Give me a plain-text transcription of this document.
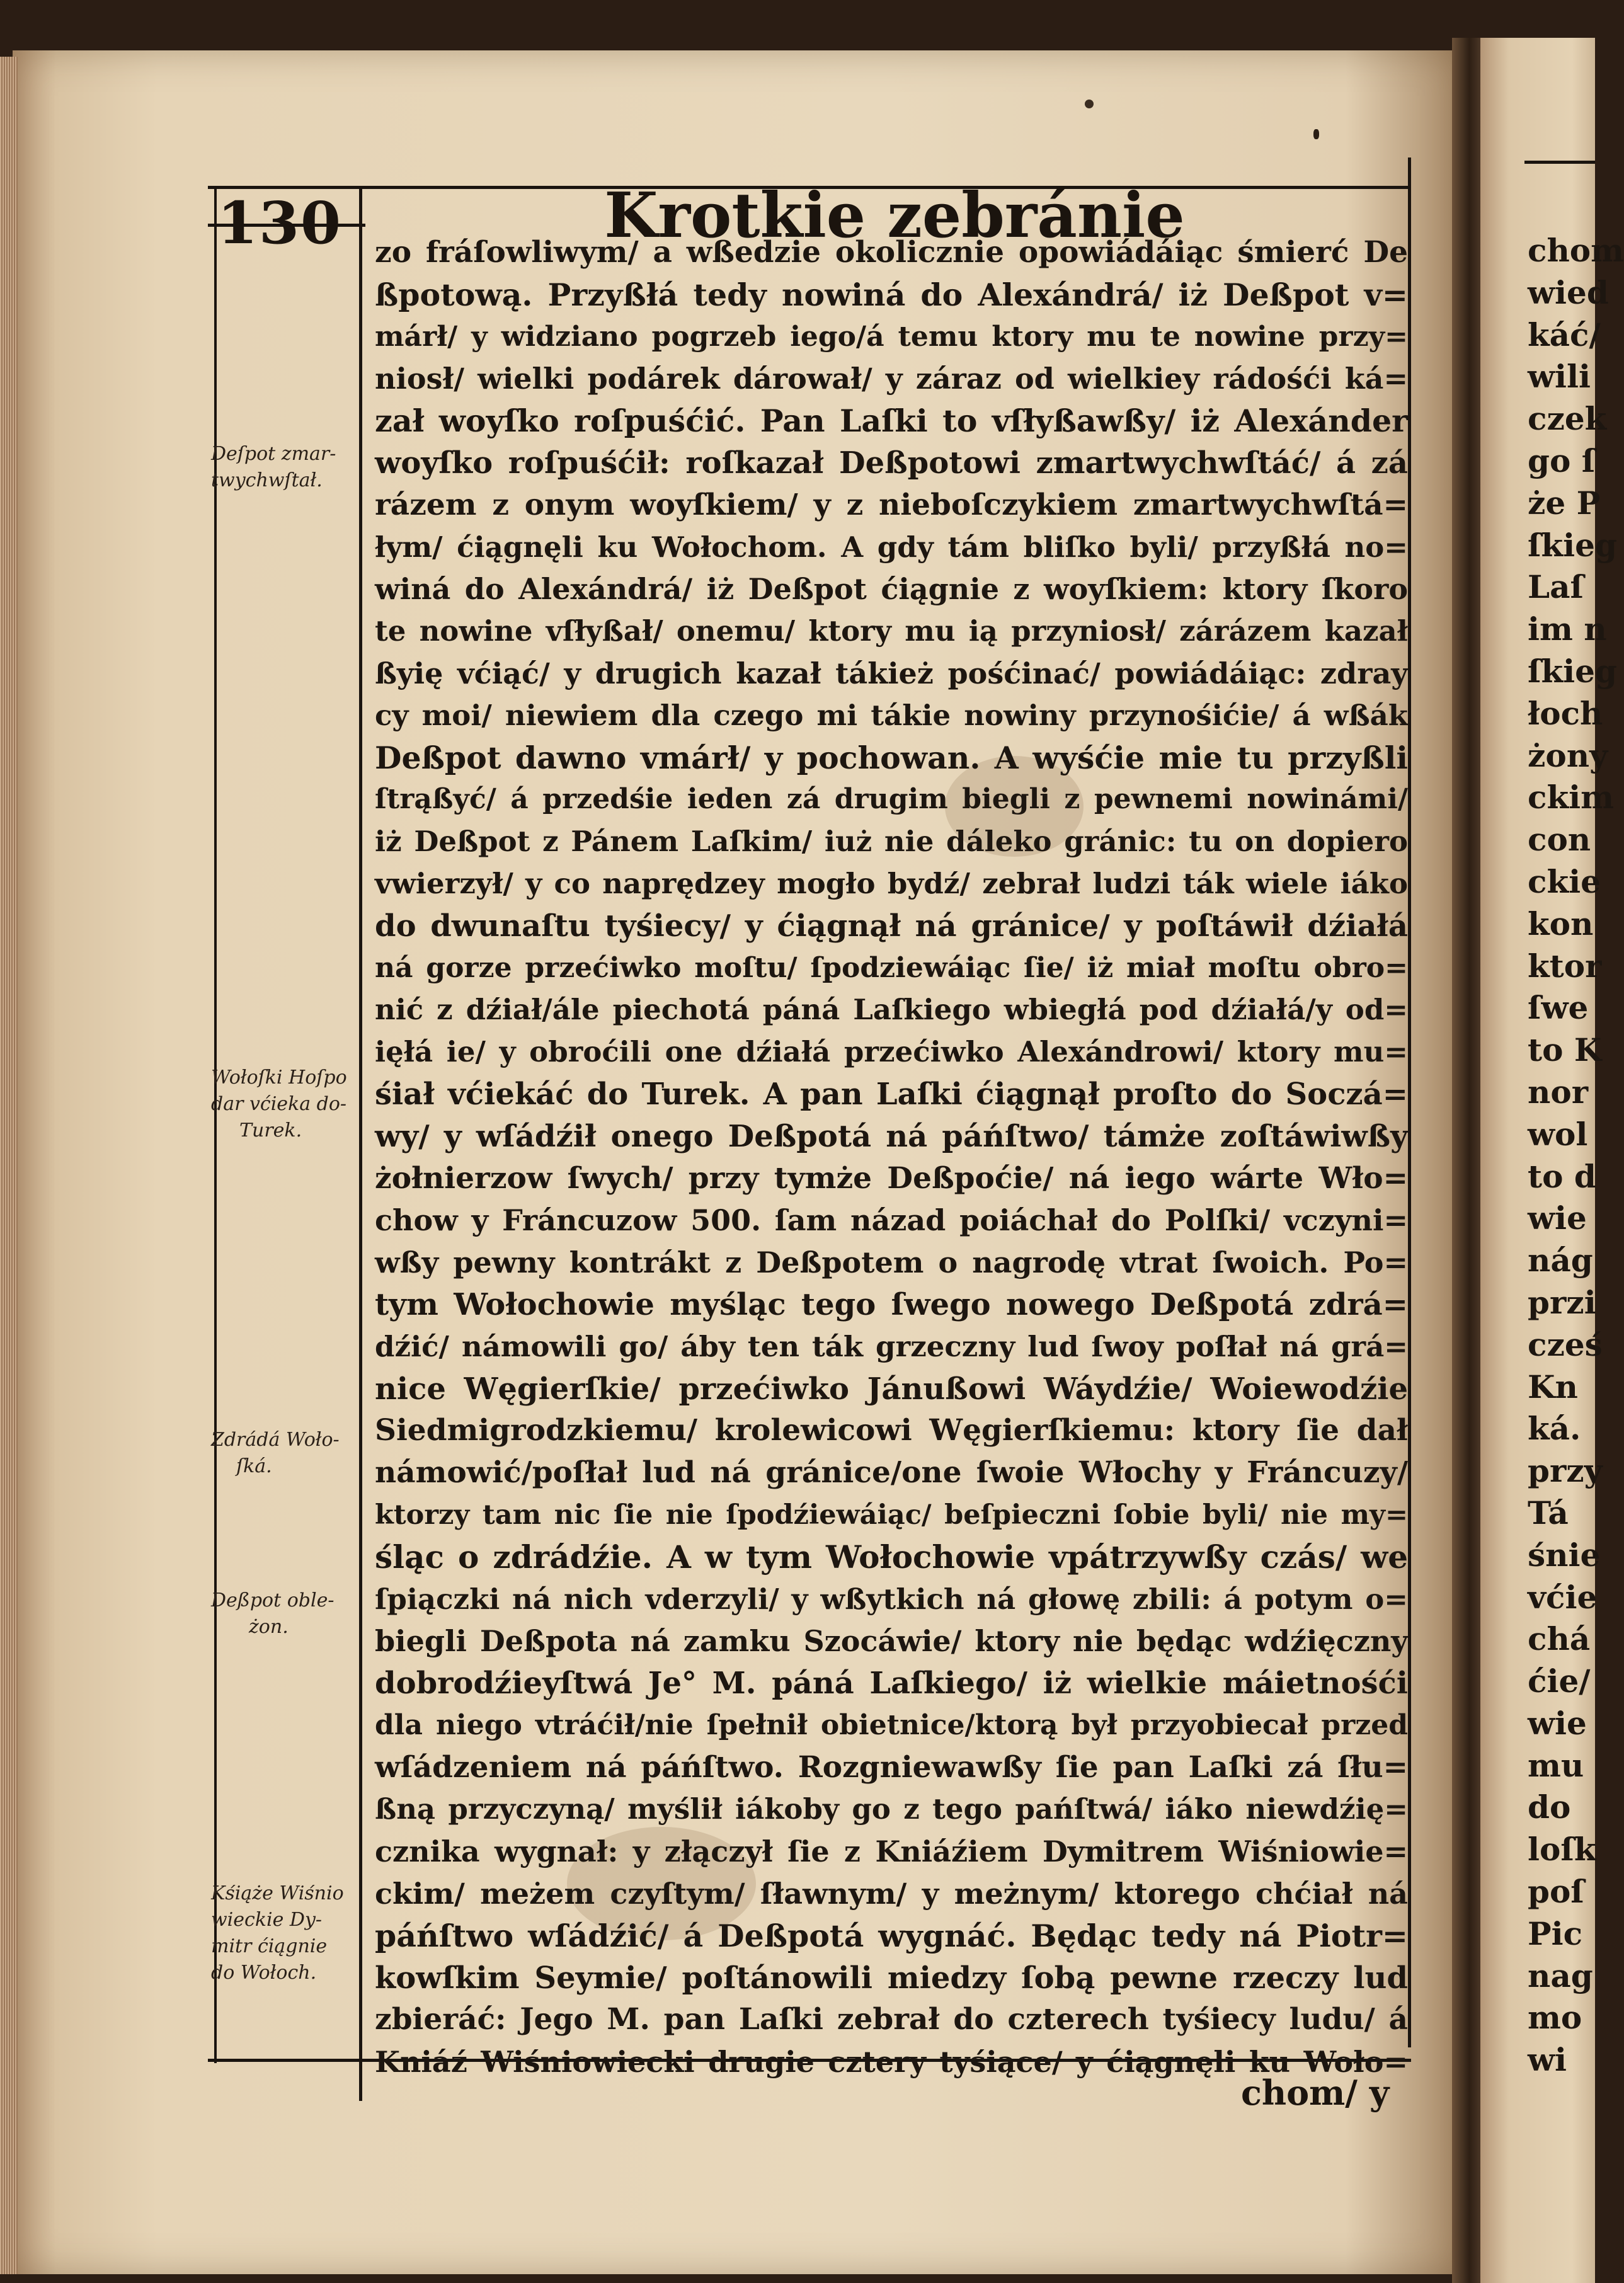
130	Krotkie zebránie
zo fráſowliwym/ a wßedzie okolicznie opowiádáiąc śmierć De
ßpotową. Przyßłá tedy nowiná do Alexándrá/ iż Deßpot v=
márł/ y widziano pogrzeb iego/á temu ktory mu te nowine przy=
niosł/ wielki podárek dárował/ y záraz od wielkiey rádośći ká=
zał woyſko roſpuśćić. Pan Laſki to vſłyßawßy/ iż Alexánder
woyſko roſpuśćił: roſkazał Deßpotowi zmartwychwſtáć/ á zá
rázem z onym woyſkiem/ y z nieboſczykiem zmartwychwſtá=
łym/ ćiągnęli ku Wołochom. A gdy tám bliſko byli/ przyßłá no=
winá do Alexándrá/ iż Deßpot ćiągnie z woyſkiem: ktory ſkoro
te nowine vſłyßał/ onemu/ ktory mu ią przyniosł/ zárázem kazał
ßyię vćiąć/ y drugich kazał tákież pośćinać/ powiádáiąc: zdray
cy moi/ niewiem dla czego mi tákie nowiny przynośićie/ á wßák
Deßpot dawno vmárł/ y pochowan. A wyśćie mie tu przyßli
ſtrąßyć/ á przedśie ieden zá drugim biegli z pewnemi nowinámi/
iż Deßpot z Pánem Laſkim/ iuż nie dáleko gránic: tu on dopiero
vwierzył/ y co naprędzey mogło bydź/ zebrał ludzi ták wiele iáko
do dwunaſtu tyśiecy/ y ćiągnął ná gránice/ y poſtáwił dźiałá
ná gorze przećiwko moſtu/ ſpodziewáiąc ſie/ iż miał moſtu obro=
nić z dźiał/ále piechotá páná Laſkiego wbiegłá pod dźiałá/y od=
ięłá ie/ y obroćili one dźiałá przećiwko Alexándrowi/ ktory mu=
śiał vćiekáć do Turek. A pan Laſki ćiągnął proſto do Soczá=
wy/ y wſádźił onego Deßpotá ná páńſtwo/ támże zoſtáwiwßy
żołnierzow ſwych/ przy tymże Deßpoćie/ ná iego wárte Wło=
chow y Fráncuzow 500. ſam názad poiáchał do Polſki/ vczyni=
wßy pewny kontrákt z Deßpotem o nagrodę vtrat ſwoich. Po=
tym Wołochowie myśląc tego ſwego nowego Deßpotá zdrá=
dźić/ námowili go/ áby ten ták grzeczny lud ſwoy poſłał ná grá=
nice Węgierſkie/ przećiwko Jánußowi Wáydźie/ Woiewodźie
Siedmigrodzkiemu/ krolewicowi Węgierſkiemu: ktory ſie dał
námowić/poſłał lud ná gránice/one ſwoie Włochy y Fráncuzy/
ktorzy tam nic ſie nie ſpodźiewáiąc/ beſpieczni ſobie byli/ nie my=
śląc o zdrádźie. A w tym Wołochowie vpátrzywßy czás/ we
ſpiączki ná nich vderzyli/ y wßytkich ná głowę zbili: á potym o=
biegli Deßpota ná zamku Szocáwie/ ktory nie będąc wdźięczny
dobrodźieyſtwá Je° M. páná Laſkiego/ iż wielkie máietnośći
dla niego vtráćił/nie ſpełnił obietnice/ktorą był przyobiecał przed
wſádzeniem ná páńſtwo. Rozgniewawßy ſie pan Laſki zá ſłu=
ßną przyczyną/ myślił iákoby go z tego pańſtwá/ iáko niewdźię=
cznika wygnał: y złączył ſie z Kniáźiem Dymitrem Wiśniowie=
ckim/ meżem czyſtym/ ſławnym/ y meżnym/ ktorego chćiał ná
páńſtwo wſádźić/ á Deßpotá wygnáć. Będąc tedy ná Piotr=
kowſkim Seymie/ poſtánowili miedzy ſobą pewne rzeczy lud
zbieráć: Jego M. pan Laſki zebrał do czterech tyśiecy ludu/ á
Kniáź Wiśniowiecki drugie cztery tyśiące/ y ćiągnęli ku Woło=
Deſpot zmar-
twychwſtał.
Wołoſki Hoſpo
dar vćieka do-
Turek.
Zdrádá Woło-
ſká.
Deßpot oble-
żon.
Kśiąże Wiśnio
wieckie Dy-
mitr ćiągnie
do Wołoch.
chom/ y
chom
wied
káć/
wili
czek
go ſ
że P
ſkieg
Laſ
im n
ſkieg
łoch
żony
ckim
con
ckie
kon
ktor
ſwe
to K
nor
wol
to d
wie
nág
przi
cześ
Kn
ká.
przy
Tá
śnie
vćie
chá
ćie/
wie
mu
do
loſk
poſ
Pic
nag
mo
wi
